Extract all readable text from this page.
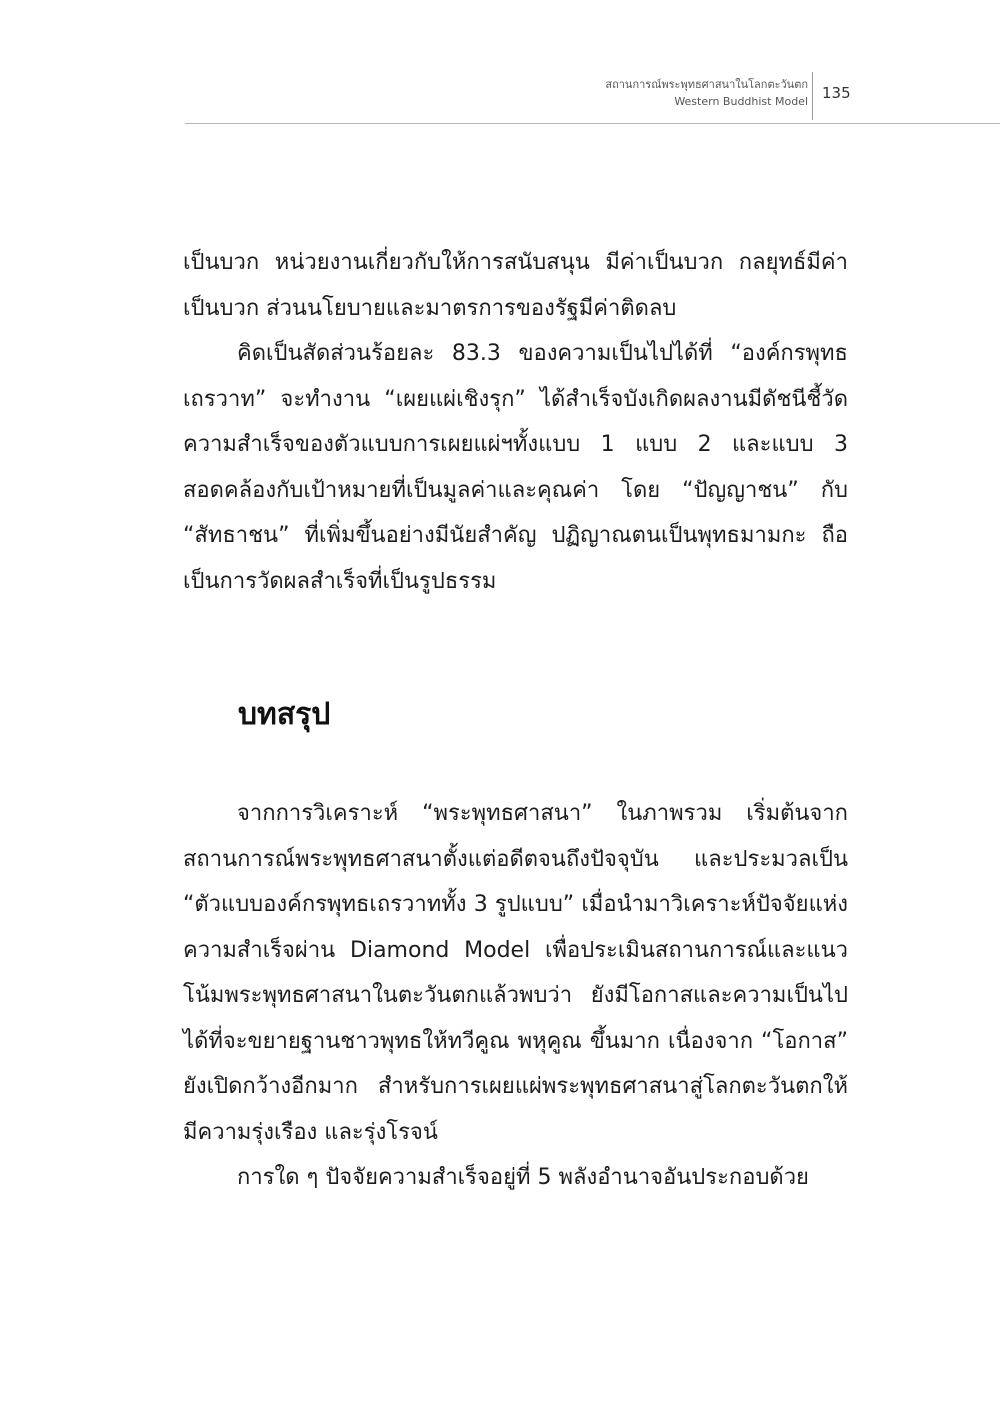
สถานการณ์พระพุทธศาสนาในโลกตะวันตก
Western Buddhist Model 135

เป็นบวก หน่วยงานเกี่ยวกับให้การสนับสนุน มีค่าเป็นบวก กลยุทธ์มีค่าเป็นบวก ส่วนนโยบายและมาตรการของรัฐมีค่าติดลบ

คิดเป็นสัดส่วนร้อยละ 83.3 ของความเป็นไปได้ที่ “องค์กรพุทธเถรวาท” จะทำงาน “เผยแผ่เชิงรุก” ได้สำเร็จบังเกิดผลงานมีดัชนีชี้วัดความสำเร็จของตัวแบบการเผยแผ่ฯทั้งแบบ 1 แบบ 2 และแบบ 3 สอดคล้องกับเป้าหมายที่เป็นมูลค่าและคุณค่า โดย “ปัญญาชน” กับ “สัทธาชน” ที่เพิ่มขึ้นอย่างมีนัยสำคัญ ปฏิญาณตนเป็นพุทธมามกะ ถือเป็นการวัดผลสำเร็จที่เป็นรูปธรรม

บทสรุป

จากการวิเคราะห์ “พระพุทธศาสนา” ในภาพรวม เริ่มต้นจากสถานการณ์พระพุทธศาสนาตั้งแต่อดีตจนถึงปัจจุบัน และประมวลเป็น “ตัวแบบองค์กรพุทธเถรวาททั้ง 3 รูปแบบ” เมื่อนำมาวิเคราะห์ปัจจัยแห่งความสำเร็จผ่าน Diamond Model เพื่อประเมินสถานการณ์และแนวโน้มพระพุทธศาสนาในตะวันตกแล้วพบว่า ยังมีโอกาสและความเป็นไปได้ที่จะขยายฐานชาวพุทธให้ทวีคูณ พหุคูณ ขึ้นมาก เนื่องจาก “โอกาส” ยังเปิดกว้างอีกมาก สำหรับการเผยแผ่พระพุทธศาสนาสู่โลกตะวันตกให้มีความรุ่งเรือง และรุ่งโรจน์

การใด ๆ ปัจจัยความสำเร็จอยู่ที่ 5 พลังอำนาจอันประกอบด้วย
